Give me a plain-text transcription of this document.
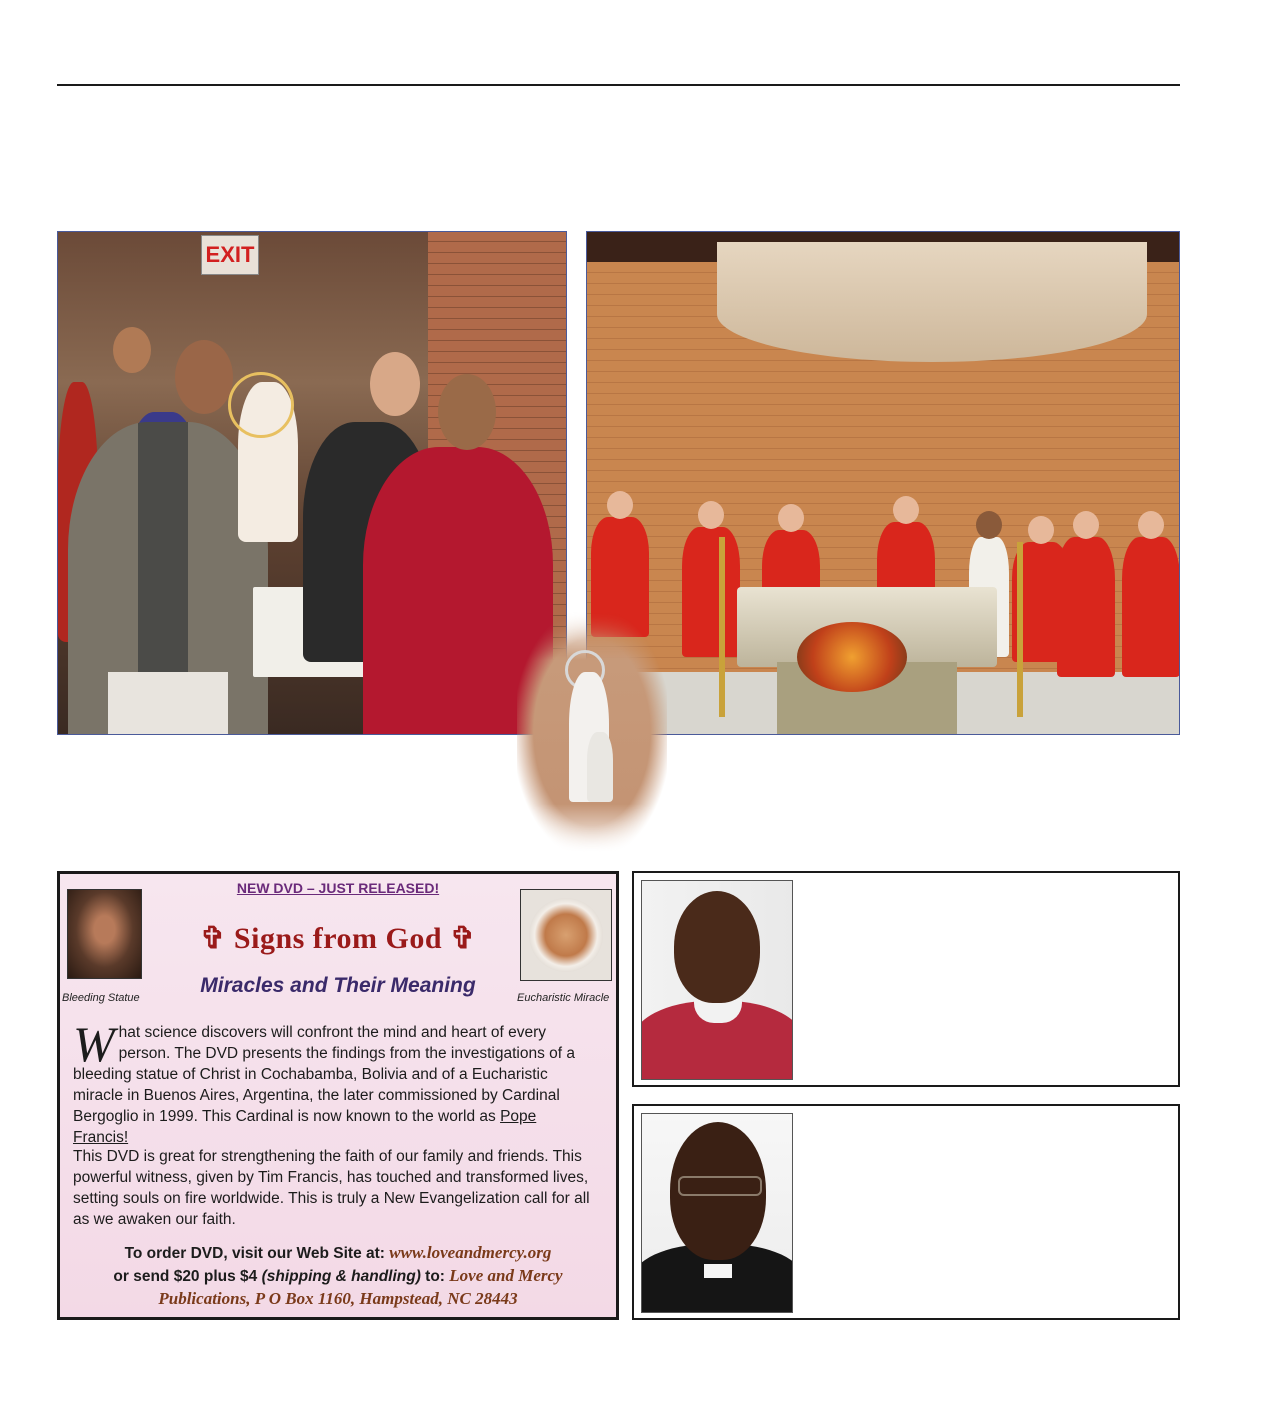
EXIT
NEW DVD – JUST RELEASED!
✞ Signs from God ✞
Miracles and Their Meaning
Bleeding Statue	Eucharistic Miracle
What science discovers will confront the mind and heart of every person. The DVD presents the findings from the investigations of a bleeding statue of Christ in Cochabamba, Bolivia and of a Eucharistic miracle in Buenos Aires, Argentina, the later commissioned by Cardinal Bergoglio in 1999. This Cardinal is now known to the world as Pope Francis!
This DVD is great for strengthening the faith of our family and friends. This powerful witness, given by Tim Francis, has touched and transformed lives, setting souls on fire worldwide. This is truly a New Evangelization call for all as we awaken our faith.
To order DVD, visit our Web Site at: www.loveandmercy.org
or send $20 plus $4 (shipping & handling) to: Love and Mercy
Publications, P O Box 1160, Hampstead, NC 28443
